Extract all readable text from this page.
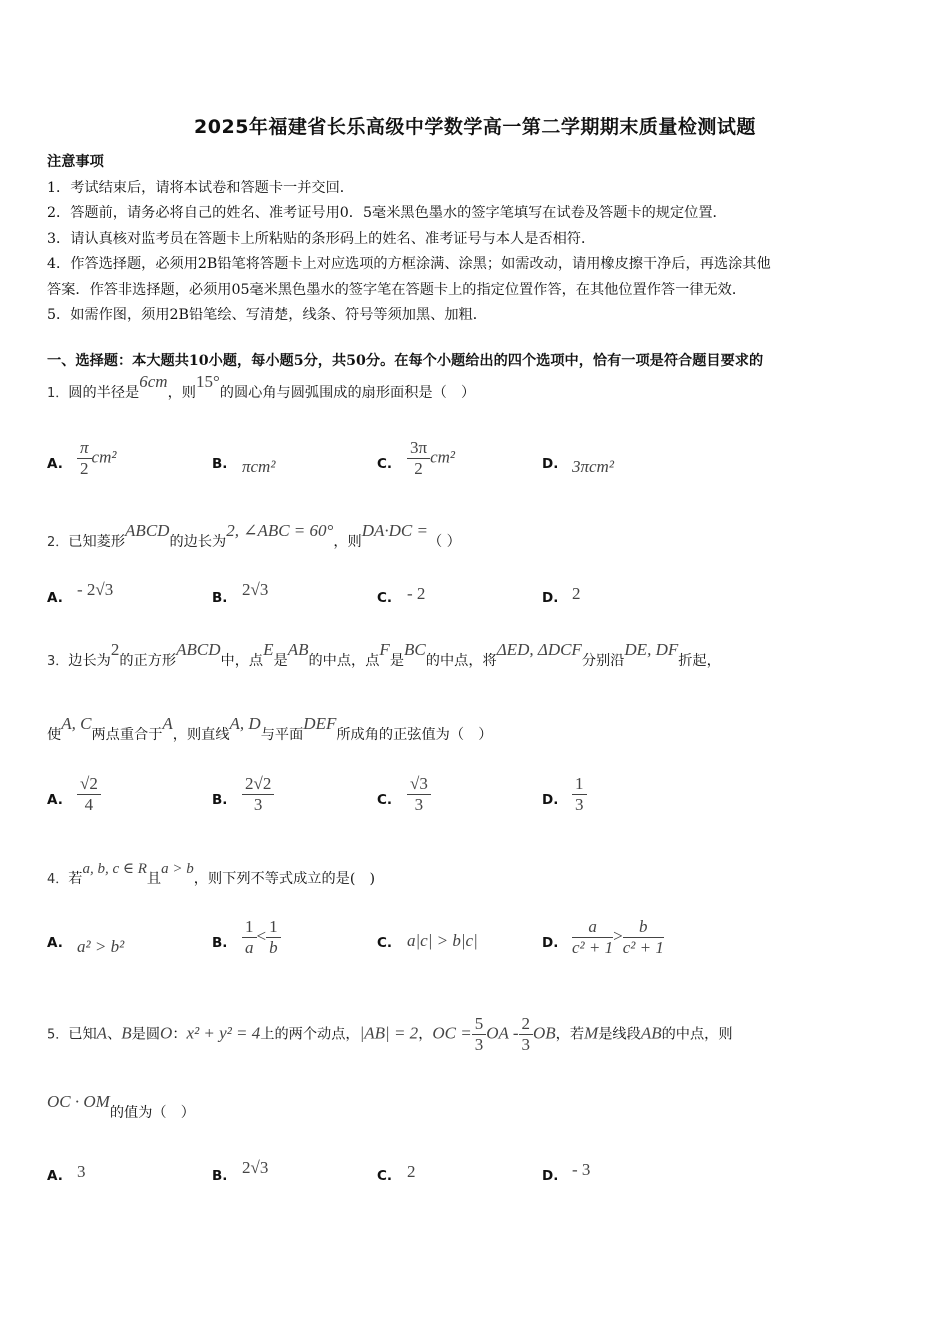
2025年福建省长乐高级中学数学高一第二学期期末质量检测试题
注意事项
1．考试结束后，请将本试卷和答题卡一并交回．
2．答题前，请务必将自己的姓名、准考证号用0．5毫米黑色墨水的签字笔填写在试卷及答题卡的规定位置．
3．请认真核对监考员在答题卡上所粘贴的条形码上的姓名、准考证号与本人是否相符．
4．作答选择题，必须用2B铅笔将答题卡上对应选项的方框涂满、涂黑；如需改动，请用橡皮擦干净后，再选涂其他
答案．作答非选择题，必须用05毫米黑色墨水的签字笔在答题卡上的指定位置作答，在其他位置作答一律无效．
5．如需作图，须用2B铅笔绘、写清楚，线条、符号等须加黑、加粗．
一、选择题：本大题共10小题，每小题5分，共50分。在每个小题给出的四个选项中，恰有一项是符合题目要求的
1．圆的半径是6cm，则15°的圆心角与圆弧围成的扇形面积是（　）
A. $\frac{\pi}{2} cm^2$	B. πcm²	C. $\frac{3\pi}{2} cm^2$	D. 3πcm²
2．已知菱形ABCD的边长为2, ∠ABC = 60°，则DA·DC =（ ）
A. - 2√3	B. 2√3	C. - 2	D. 2
3．边长为2的正方形ABCD中，点E是AB的中点，点F是BC的中点，将ΔED, ΔDCF分别沿DE, DF折起，
使A, C两点重合于A，则直线A, D与平面DEF所成角的正弦值为（　）
A. $\frac{√2}{4}$	B. $\frac{2√2}{3}$	C. $\frac{√3}{3}$	D. $\frac{1}{3}$
4．若a, b, c ∈ R且a > b，则下列不等式成立的是(　)
A. a² > b²	B. $\frac{1}{a} < \frac{1}{b}$	C. a|c| > b|c|	D. $\frac{a}{\text{c² + 1}} > \frac{b}{\text{c² + 1}}$
5．已知A、B是圆O：x² + y² = 4上的两个动点，|AB| = 2，OC = $\frac{5}{3}$ OA - $\frac{2}{3}$ OB，若M是线段AB的中点，则
OC · OM的值为（　）
A. 3	B. 2√3	C. 2	D. - 3
